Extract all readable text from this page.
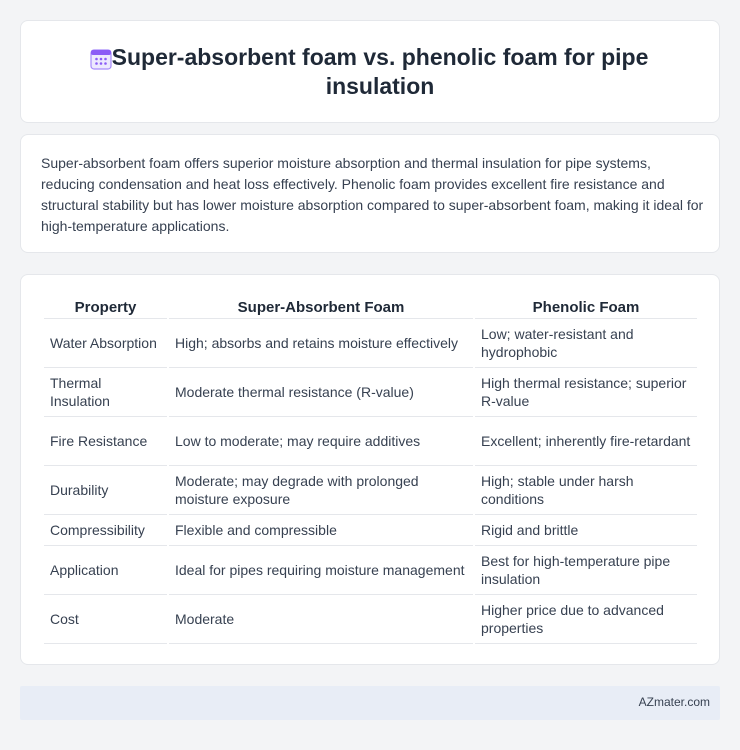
Super-absorbent foam vs. phenolic foam for pipe insulation

Super-absorbent foam offers superior moisture absorption and thermal insulation for pipe systems, reducing condensation and heat loss effectively. Phenolic foam provides excellent fire resistance and structural stability but has lower moisture absorption compared to super-absorbent foam, making it ideal for high-temperature applications.

Property	Super-Absorbent Foam	Phenolic Foam
Water Absorption	High; absorbs and retains moisture effectively	Low; water-resistant and hydrophobic
Thermal Insulation	Moderate thermal resistance (R-value)	High thermal resistance; superior R-value
Fire Resistance	Low to moderate; may require additives	Excellent; inherently fire-retardant
Durability	Moderate; may degrade with prolonged moisture exposure	High; stable under harsh conditions
Compressibility	Flexible and compressible	Rigid and brittle
Application	Ideal for pipes requiring moisture management	Best for high-temperature pipe insulation
Cost	Moderate	Higher price due to advanced properties
AZmater.com
